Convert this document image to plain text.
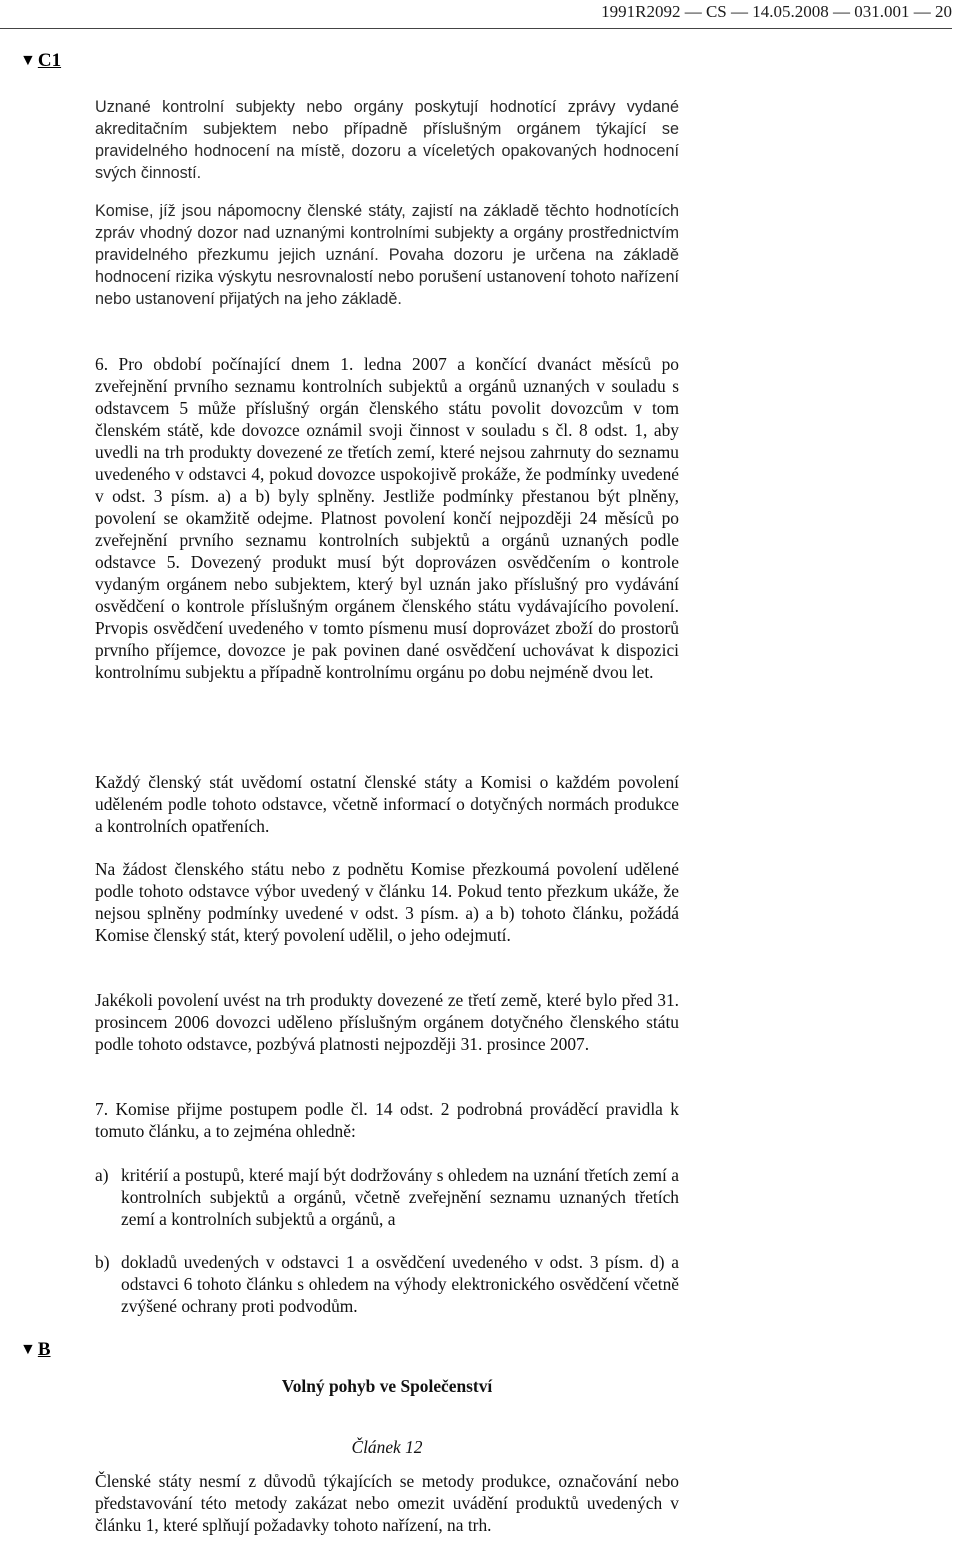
1991R2092 — CS — 14.05.2008 — 031.001 — 20
▼ C1

Uznané kontrolní subjekty nebo orgány poskytují hodnotící zprávy vydané akreditačním subjektem nebo případně příslušným orgánem týkající se pravidelného hodnocení na místě, dozoru a víceletých opakovaných hodnocení svých činností.

Komise, jíž jsou nápomocny členské státy, zajistí na základě těchto hodnotících zpráv vhodný dozor nad uznanými kontrolními subjekty a orgány prostřednictvím pravidelného přezkumu jejich uznání. Povaha dozoru je určena na základě hodnocení rizika výskytu nesrovnalostí nebo porušení ustanovení tohoto nařízení nebo ustanovení přijatých na jeho základě.

6. Pro období počínající dnem 1. ledna 2007 a končící dvanáct měsíců po zveřejnění prvního seznamu kontrolních subjektů a orgánů uznaných v souladu s odstavcem 5 může příslušný orgán členského státu povolit dovozcům v tom členském státě, kde dovozce oznámil svoji činnost v souladu s čl. 8 odst. 1, aby uvedli na trh produkty dovezené ze třetích zemí, které nejsou zahrnuty do seznamu uvedeného v odstavci 4, pokud dovozce uspokojivě prokáže, že podmínky uvedené v odst. 3 písm. a) a b) byly splněny. Jestliže podmínky přestanou být plněny, povolení se okamžitě odejme. Platnost povolení končí nejpozději 24 měsíců po zveřejnění prvního seznamu kontrolních subjektů a orgánů uznaných podle odstavce 5. Dovezený produkt musí být doprovázen osvědčením o kontrole vydaným orgánem nebo subjektem, který byl uznán jako příslušný pro vydávání osvědčení o kontrole příslušným orgánem členského státu vydávajícího povolení. Prvopis osvědčení uvedeného v tomto písmenu musí doprovázet zboží do prostorů prvního příjemce, dovozce je pak povinen dané osvědčení uchovávat k dispozici kontrolnímu subjektu a případně kontrolnímu orgánu po dobu nejméně dvou let.

Každý členský stát uvědomí ostatní členské státy a Komisi o každém povolení uděleném podle tohoto odstavce, včetně informací o dotyčných normách produkce a kontrolních opatřeních.

Na žádost členského státu nebo z podnětu Komise přezkoumá povolení udělené podle tohoto odstavce výbor uvedený v článku 14. Pokud tento přezkum ukáže, že nejsou splněny podmínky uvedené v odst. 3 písm. a) a b) tohoto článku, požádá Komise členský stát, který povolení udělil, o jeho odejmutí.

Jakékoli povolení uvést na trh produkty dovezené ze třetí země, které bylo před 31. prosincem 2006 dovozci uděleno příslušným orgánem dotyčného členského státu podle tohoto odstavce, pozbývá platnosti nejpozději 31. prosince 2007.

7. Komise přijme postupem podle čl. 14 odst. 2 podrobná prováděcí pravidla k tomuto článku, a to zejména ohledně:

a) kritérií a postupů, které mají být dodržovány s ohledem na uznání třetích zemí a kontrolních subjektů a orgánů, včetně zveřejnění seznamu uznaných třetích zemí a kontrolních subjektů a orgánů, a
b) dokladů uvedených v odstavci 1 a osvědčení uvedeného v odst. 3 písm. d) a odstavci 6 tohoto článku s ohledem na výhody elektronického osvědčení včetně zvýšené ochrany proti podvodům.
▼ B
Volný pohyb ve Společenství
Článek 12

Členské státy nesmí z důvodů týkajících se metody produkce, označování nebo představování této metody zakázat nebo omezit uvádění produktů uvedených v článku 1, které splňují požadavky tohoto nařízení, na trh.
